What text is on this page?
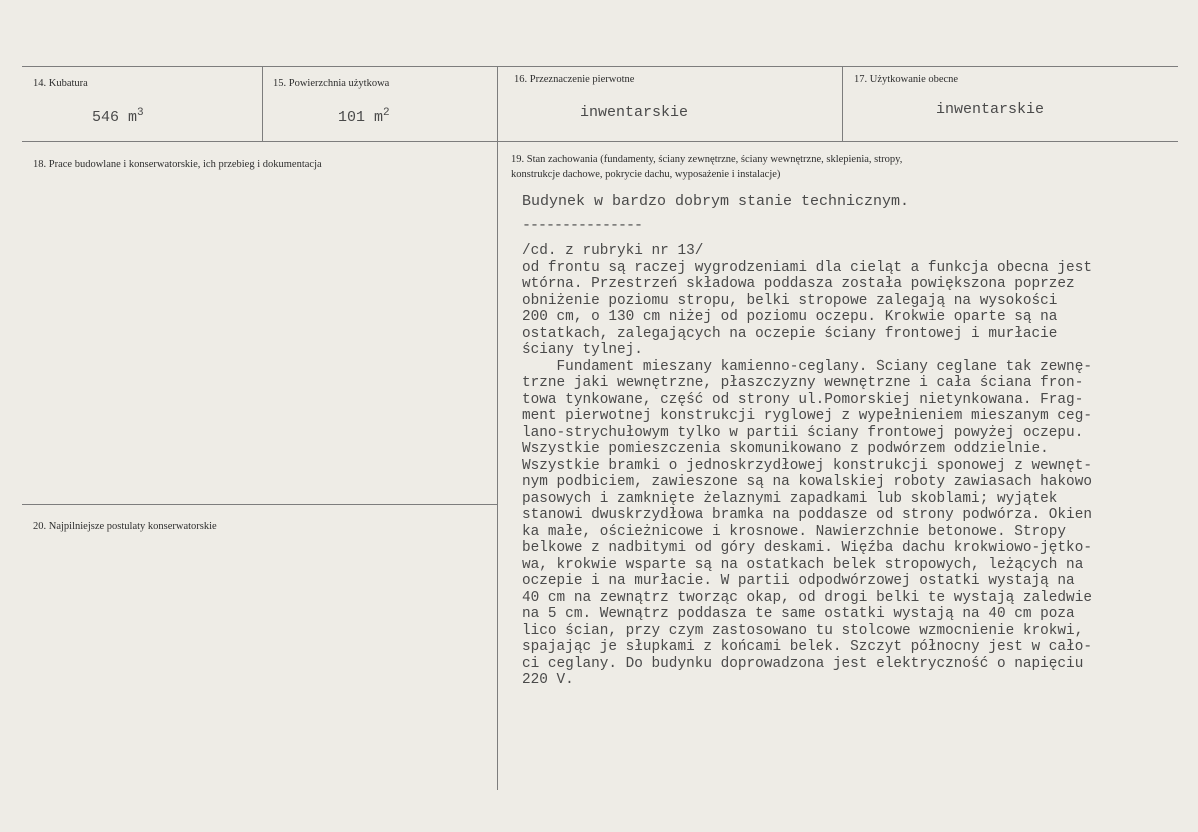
14. Kubatura
546 $m^3$
15. Powierzchnia użytkowa
101 $m^2$
16. Przeznaczenie pierwotne
inwentarskie
17. Użytkowanie obecne
inwentarskie
18. Prace budowlane i konserwatorskie, ich przebieg i dokumentacja	19. Stan zachowania (fundamenty, ściany zewnętrzne, ściany wewnętrzne, sklepienia, stropy,
konstrukcje dachowe, pokrycie dachu, wyposażenie i instalacje)
Budynek w bardzo dobrym stanie technicznym.
---------------
/cd. z rubryki nr 13/
od frontu są raczej wygrodzeniami dla cieląt a funkcja obecna jest
wtórna. Przestrzeń składowa poddasza została powiększona poprzez
obniżenie poziomu stropu, belki stropowe zalegają na wysokości
200 cm, o 130 cm niżej od poziomu oczepu. Krokwie oparte są na
ostatkach, zalegających na oczepie ściany frontowej i murłacie
ściany tylnej.
Fundament mieszany kamienno-ceglany. Ściany ceglane tak zewnę-
trzne jaki wewnętrzne, płaszczyzny wewnętrzne i cała ściana fron-
towa tynkowane, część od strony ul.Pomorskiej nietynkowana. Frag-
ment pierwotnej konstrukcji ryglowej z wypełnieniem mieszanym ceg-
lano-strychułowym tylko w partii ściany frontowej powyżej oczepu.
Wszystkie pomieszczenia skomunikowano z podwórzem oddzielnie.
Wszystkie bramki o jednoskrzydłowej konstrukcji sponowej z wewnęt-
nym podbiciem, zawieszone są na kowalskiej roboty zawiasach hakowo
pasowych i zamknięte żelaznymi zapadkami lub skoblami; wyjątek
stanowi dwuskrzydłowa bramka na poddasze od strony podwórza. Okien
ka małe, ościeżnicowe i krosnowe. Nawierzchnie betonowe. Stropy
belkowe z nadbitymi od góry deskami. Więźba dachu krokwiowo-jętko-
wa, krokwie wsparte są na ostatkach belek stropowych, leżących na
oczepie i na murłacie. W partii odpodwórzowej ostatki wystają na
40 cm na zewnątrz tworząc okap, od drogi belki te wystają zaledwie
na 5 cm. Wewnątrz poddasza te same ostatki wystają na 40 cm poza
lico ścian, przy czym zastosowano tu stolcowe wzmocnienie krokwi,
spajając je słupkami z końcami belek. Szczyt północny jest w cało-
ci ceglany. Do budynku doprowadzona jest elektryczność o napięciu
220 V.
20. Najpilniejsze postulaty konserwatorskie
